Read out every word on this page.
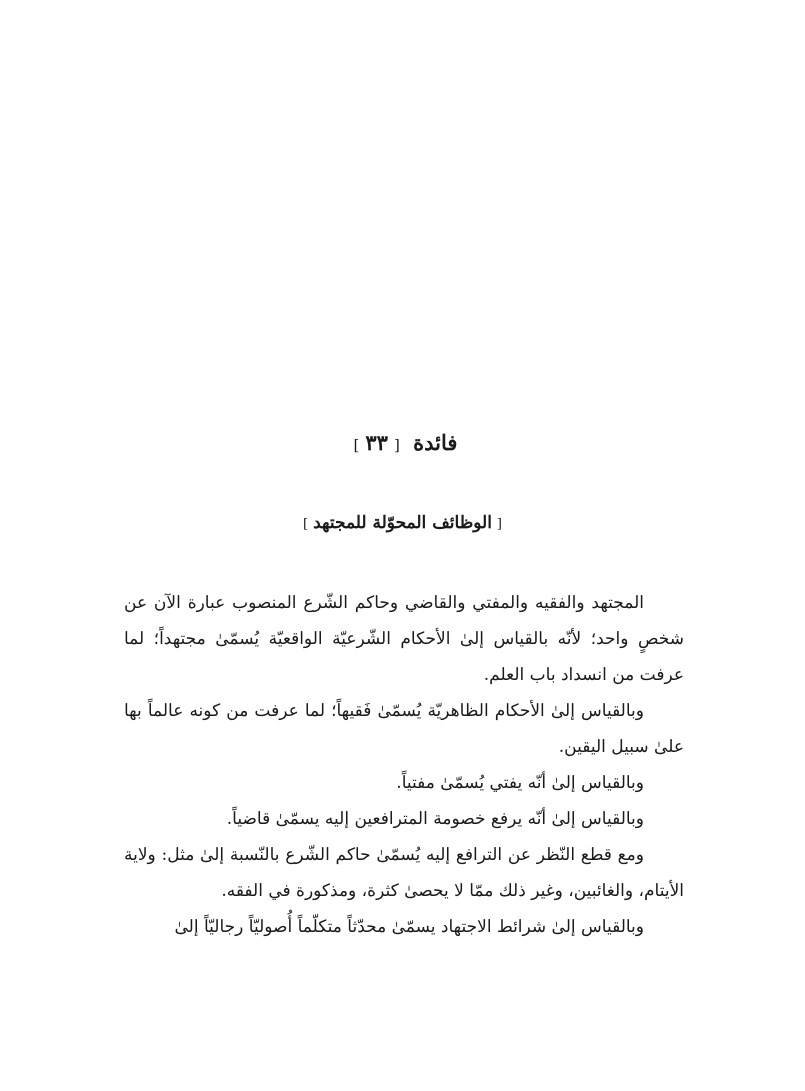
فائدة [٣٣]
[الوظائف المحوّلة للمجتهد]

المجتهد والفقيه والمفتي والقاضي وحاكم الشّرع المنصوب عبارة الآن عن شخصٍ واحد؛ لأنّه بالقياس إلىٰ الأحكام الشّرعيّة الواقعيّة يُسمّىٰ مجتهداً؛ لما عرفت من انسداد باب العلم.

وبالقياس إلىٰ الأحكام الظاهريّة يُسمّىٰ فَقيهاً؛ لما عرفت من كونه عالماً بها علىٰ سبيل اليقين.

وبالقياس إلىٰ أنّه يفتي يُسمّىٰ مفتياً.

وبالقياس إلىٰ أنّه يرفع خصومة المترافعين إليه يسمّىٰ قاضياً.

ومع قطع النّظر عن الترافع إليه يُسمّىٰ حاكم الشّرع بالنّسبة إلىٰ مثل: ولاية الأيتام، والغائبين، وغير ذلك ممّا لا يحصىٰ كثرة، ومذكورة في الفقه.

وبالقياس إلىٰ شرائط الاجتهاد يسمّىٰ محدّثاً متكلّماً أُصوليّاً رجاليّاً إلىٰ
